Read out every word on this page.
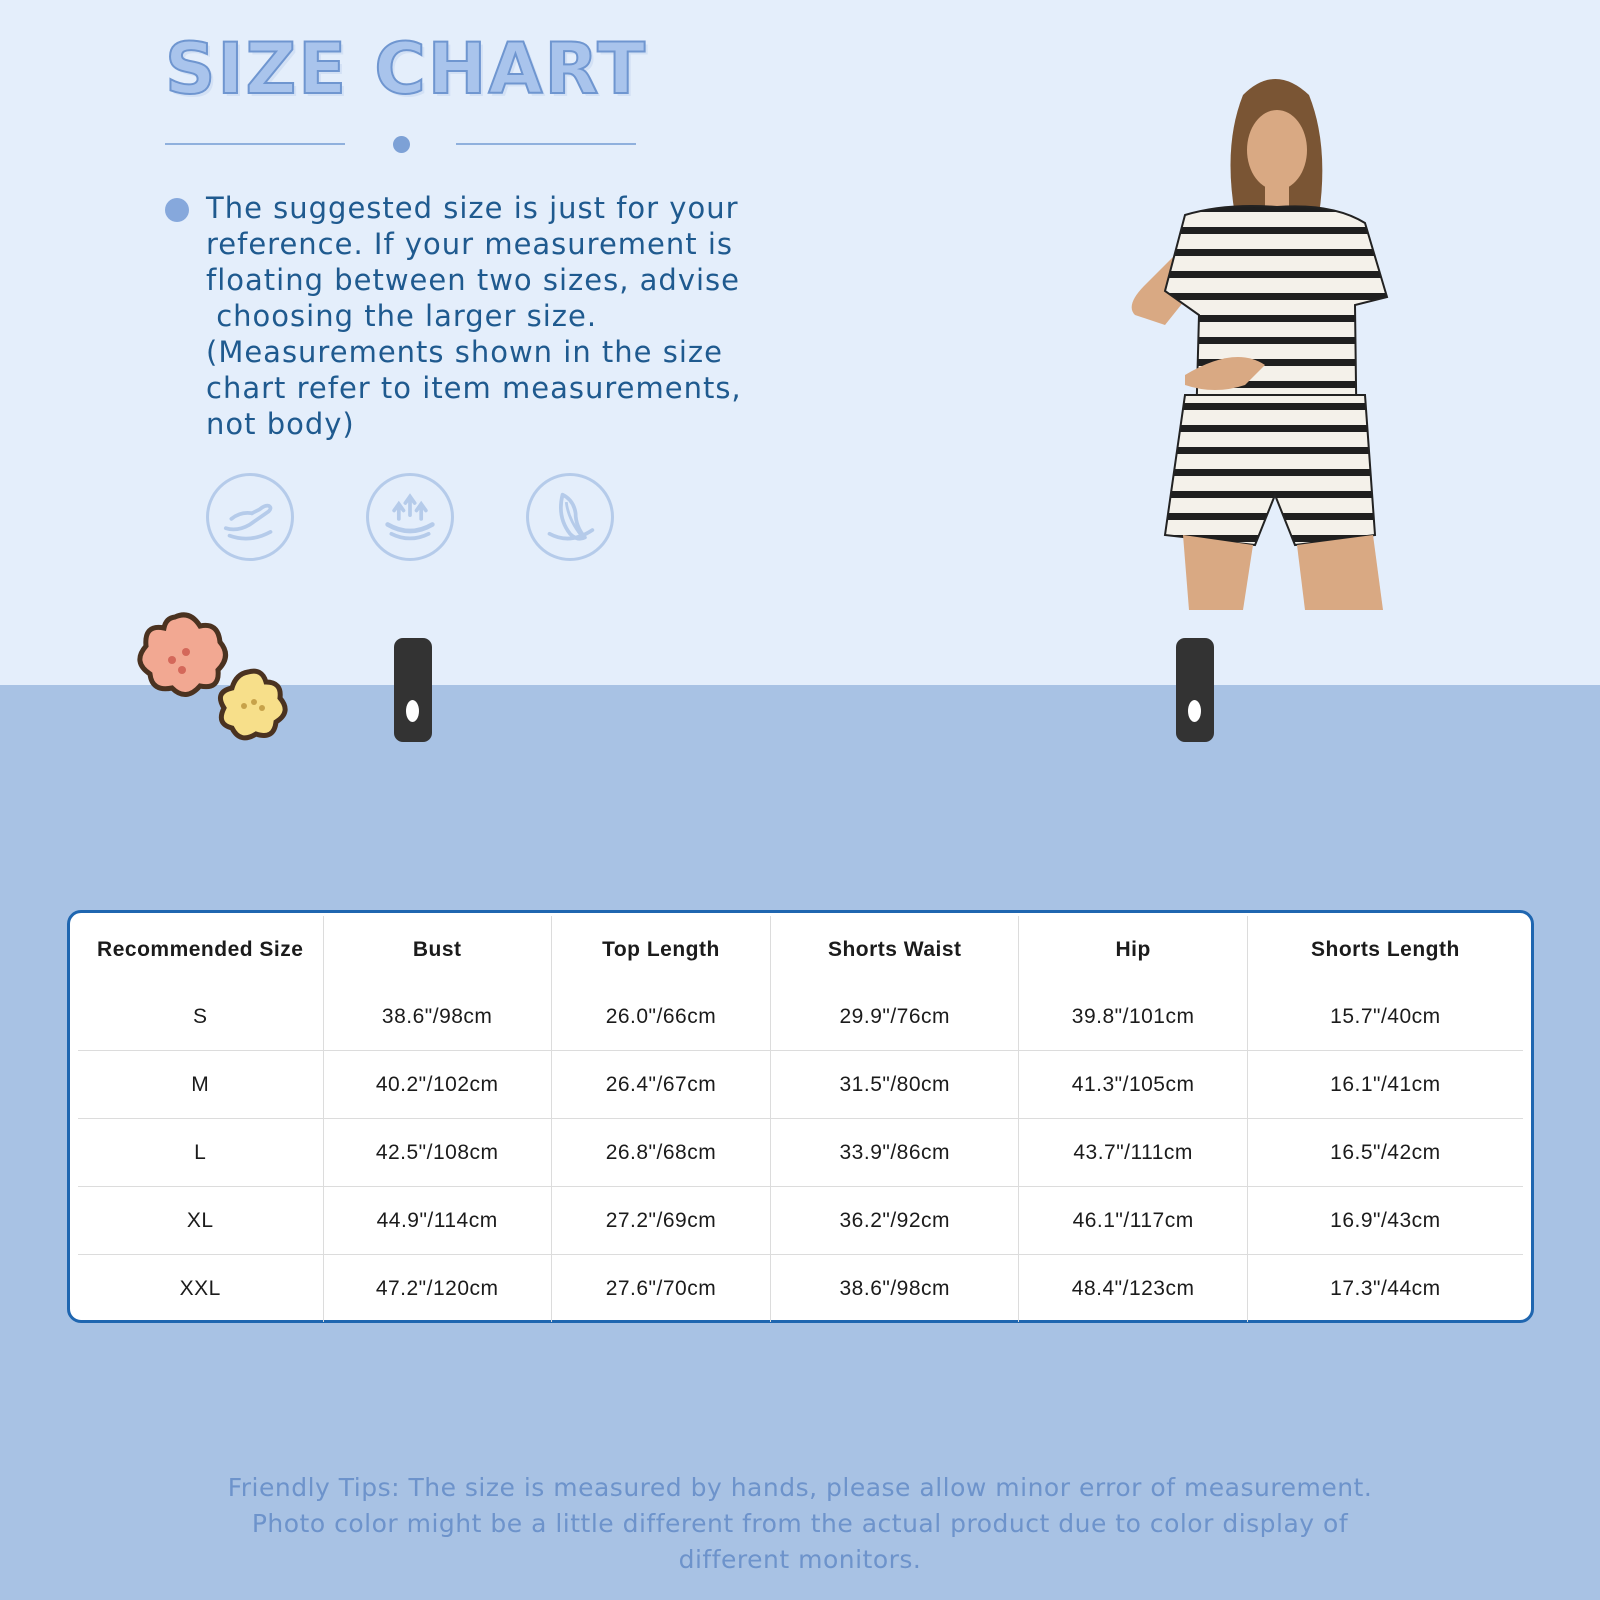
SIZE CHART

The suggested size is just for your
reference. If your measurement is
floating between two sizes, advise
choosing the larger size.
(Measurements shown in the size
chart refer to item measurements,
not body)

Recommended Size	Bust	Top Length	Shorts Waist	Hip	Shorts Length
S	38.6"/98cm	26.0"/66cm	29.9"/76cm	39.8"/101cm	15.7"/40cm
M	40.2"/102cm	26.4"/67cm	31.5"/80cm	41.3"/105cm	16.1"/41cm
L	42.5"/108cm	26.8"/68cm	33.9"/86cm	43.7"/111cm	16.5"/42cm
XL	44.9"/114cm	27.2"/69cm	36.2"/92cm	46.1"/117cm	16.9"/43cm
XXL	47.2"/120cm	27.6"/70cm	38.6"/98cm	48.4"/123cm	17.3"/44cm

Friendly Tips: The size is measured by hands, please allow minor error of measurement.
Photo color might be a little different from the actual product due to color display of
different monitors.
